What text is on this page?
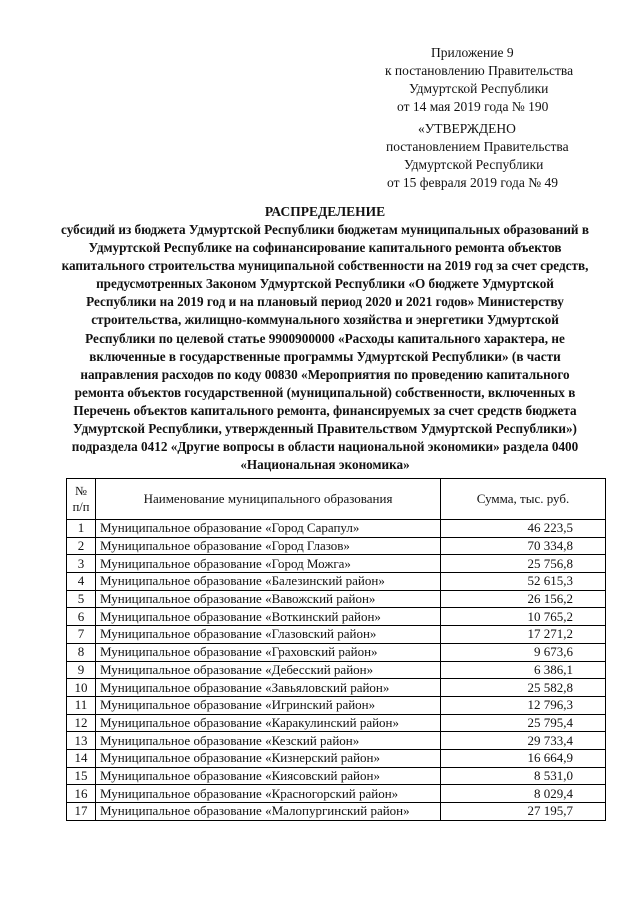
Приложение 9
к постановлению Правительства
Удмуртской Республики
от 14 мая 2019 года № 190
«УТВЕРЖДЕНО
постановлением Правительства
Удмуртской Республики
от 15 февраля 2019 года № 49
РАСПРЕДЕЛЕНИЕ
субсидий из бюджета Удмуртской Республики бюджетам муниципальных образований в Удмуртской Республике на софинансирование капитального ремонта объектов капитального строительства муниципальной собственности на 2019 год за счет средств, предусмотренных Законом Удмуртской Республики «О бюджете Удмуртской Республики на 2019 год и на плановый период 2020 и 2021 годов» Министерству строительства, жилищно-коммунального хозяйства и энергетики Удмуртской Республики по целевой статье 9900900000 «Расходы капитального характера, не включенные в государственные программы Удмуртской Республики» (в части направления расходов по коду 00830 «Мероприятия по проведению капитального ремонта объектов государственной (муниципальной) собственности, включенных в Перечень объектов капитального ремонта, финансируемых за счет средств бюджета Удмуртской Республики, утвержденный Правительством Удмуртской Республики») подраздела 0412 «Другие вопросы в области национальной экономики» раздела 0400 «Национальная экономика»
№
п/п	Наименование муниципального образования	Сумма, тыс. руб.
1	Муниципальное образование «Город Сарапул»	46 223,5
2	Муниципальное образование «Город Глазов»	70 334,8
3	Муниципальное образование «Город Можга»	25 756,8
4	Муниципальное образование «Балезинский район»	52 615,3
5	Муниципальное образование «Вавожский район»	26 156,2
6	Муниципальное образование «Воткинский район»	10 765,2
7	Муниципальное образование «Глазовский район»	17 271,2
8	Муниципальное образование «Граховский район»	9 673,6
9	Муниципальное образование «Дебесский район»	6 386,1
10	Муниципальное образование «Завьяловский район»	25 582,8
11	Муниципальное образование «Игринский район»	12 796,3
12	Муниципальное образование «Каракулинский район»	25 795,4
13	Муниципальное образование «Кезский район»	29 733,4
14	Муниципальное образование «Кизнерский район»	16 664,9
15	Муниципальное образование «Киясовский район»	8 531,0
16	Муниципальное образование «Красногорский район»	8 029,4
17	Муниципальное образование «Малопургинский район»	27 195,7
